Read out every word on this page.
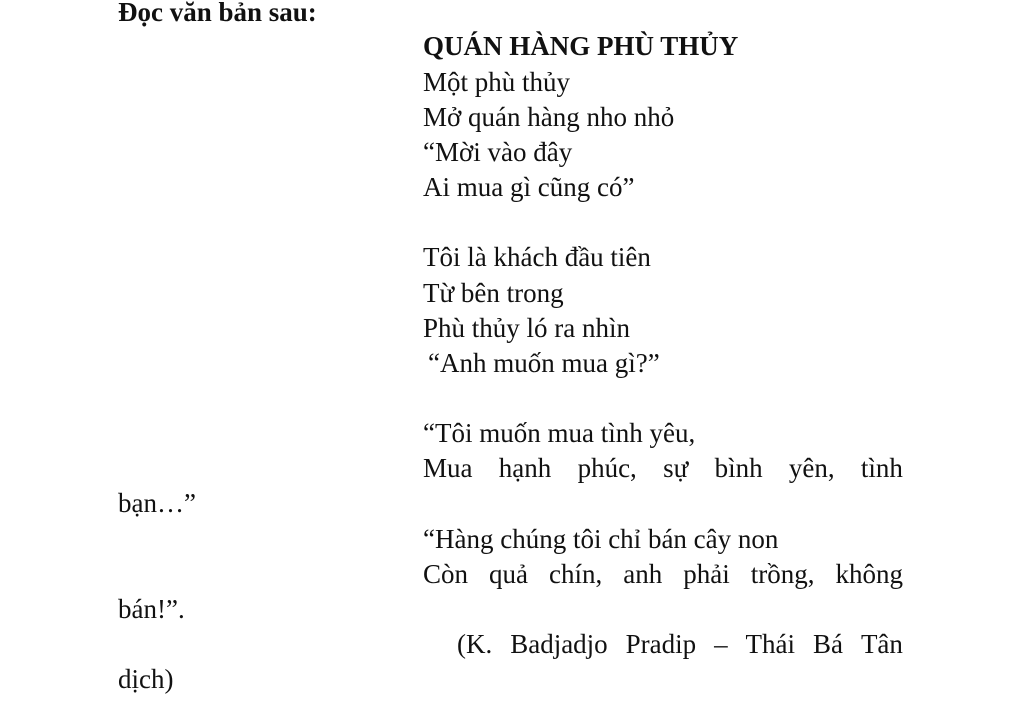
Đọc văn bản sau:
QUÁN HÀNG PHÙ THỦY
Một phù thủy
Mở quán hàng nho nhỏ
“Mời vào đây
Ai mua gì cũng có”
Tôi là khách đầu tiên
Từ bên trong
Phù thủy ló ra nhìn
“Anh muốn mua gì?”
“Tôi muốn mua tình yêu,
Mua hạnh phúc, sự bình yên, tình
bạn…”
“Hàng chúng tôi chỉ bán cây non
Còn quả chín, anh phải trồng, không
bán!”.
(K. Badjadjo Pradip – Thái Bá Tân
dịch)
